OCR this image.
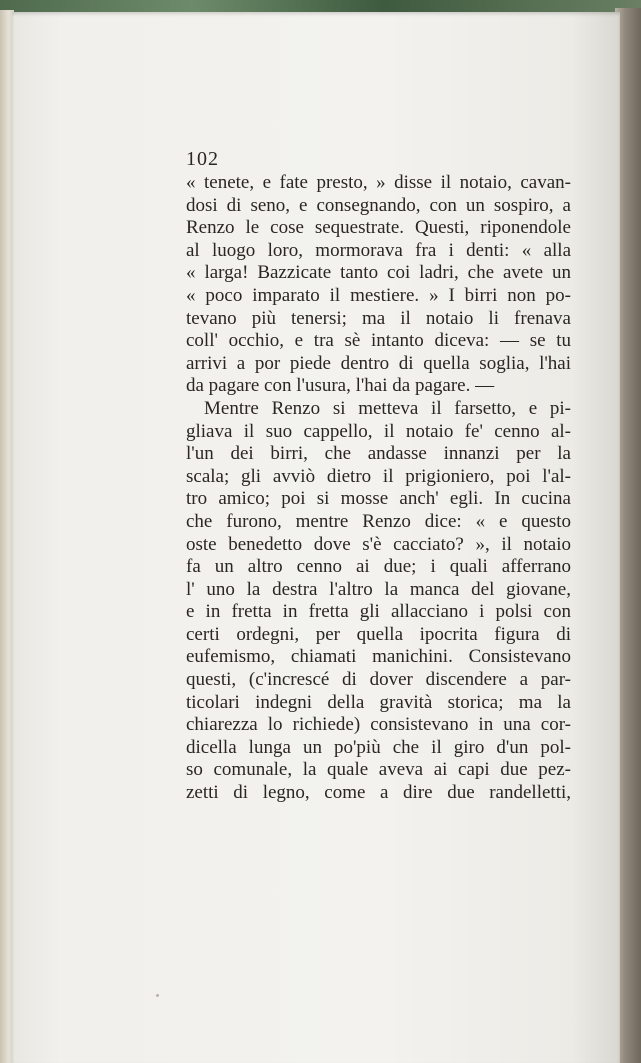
102
« tenete, e fate presto, » disse il notaio, cavan-
dosi di seno, e consegnando, con un sospiro, a
Renzo le cose sequestrate. Questi, riponendole
al luogo loro, mormorava fra i denti: « alla
« larga! Bazzicate tanto coi ladri, che avete un
« poco imparato il mestiere. » I birri non po-
tevano più tenersi; ma il notaio li frenava
coll' occhio, e tra sè intanto diceva: — se tu
arrivi a por piede dentro di quella soglia, l'hai
da pagare con l'usura, l'hai da pagare. —
Mentre Renzo si metteva il farsetto, e pi-
gliava il suo cappello, il notaio fe' cenno al-
l'un dei birri, che andasse innanzi per la
scala; gli avviò dietro il prigioniero, poi l'al-
tro amico; poi si mosse anch' egli. In cucina
che furono, mentre Renzo dice: « e questo
oste benedetto dove s'è cacciato? », il notaio
fa un altro cenno ai due; i quali afferrano
l' uno la destra l'altro la manca del giovane,
e in fretta in fretta gli allacciano i polsi con
certi ordegni, per quella ipocrita figura di
eufemismo, chiamati manichini. Consistevano
questi, (c'increscé di dover discendere a par-
ticolari indegni della gravità storica; ma la
chiarezza lo richiede) consistevano in una cor-
dicella lunga un po'più che il giro d'un pol-
so comunale, la quale aveva ai capi due pez-
zetti di legno, come a dire due randelletti,
